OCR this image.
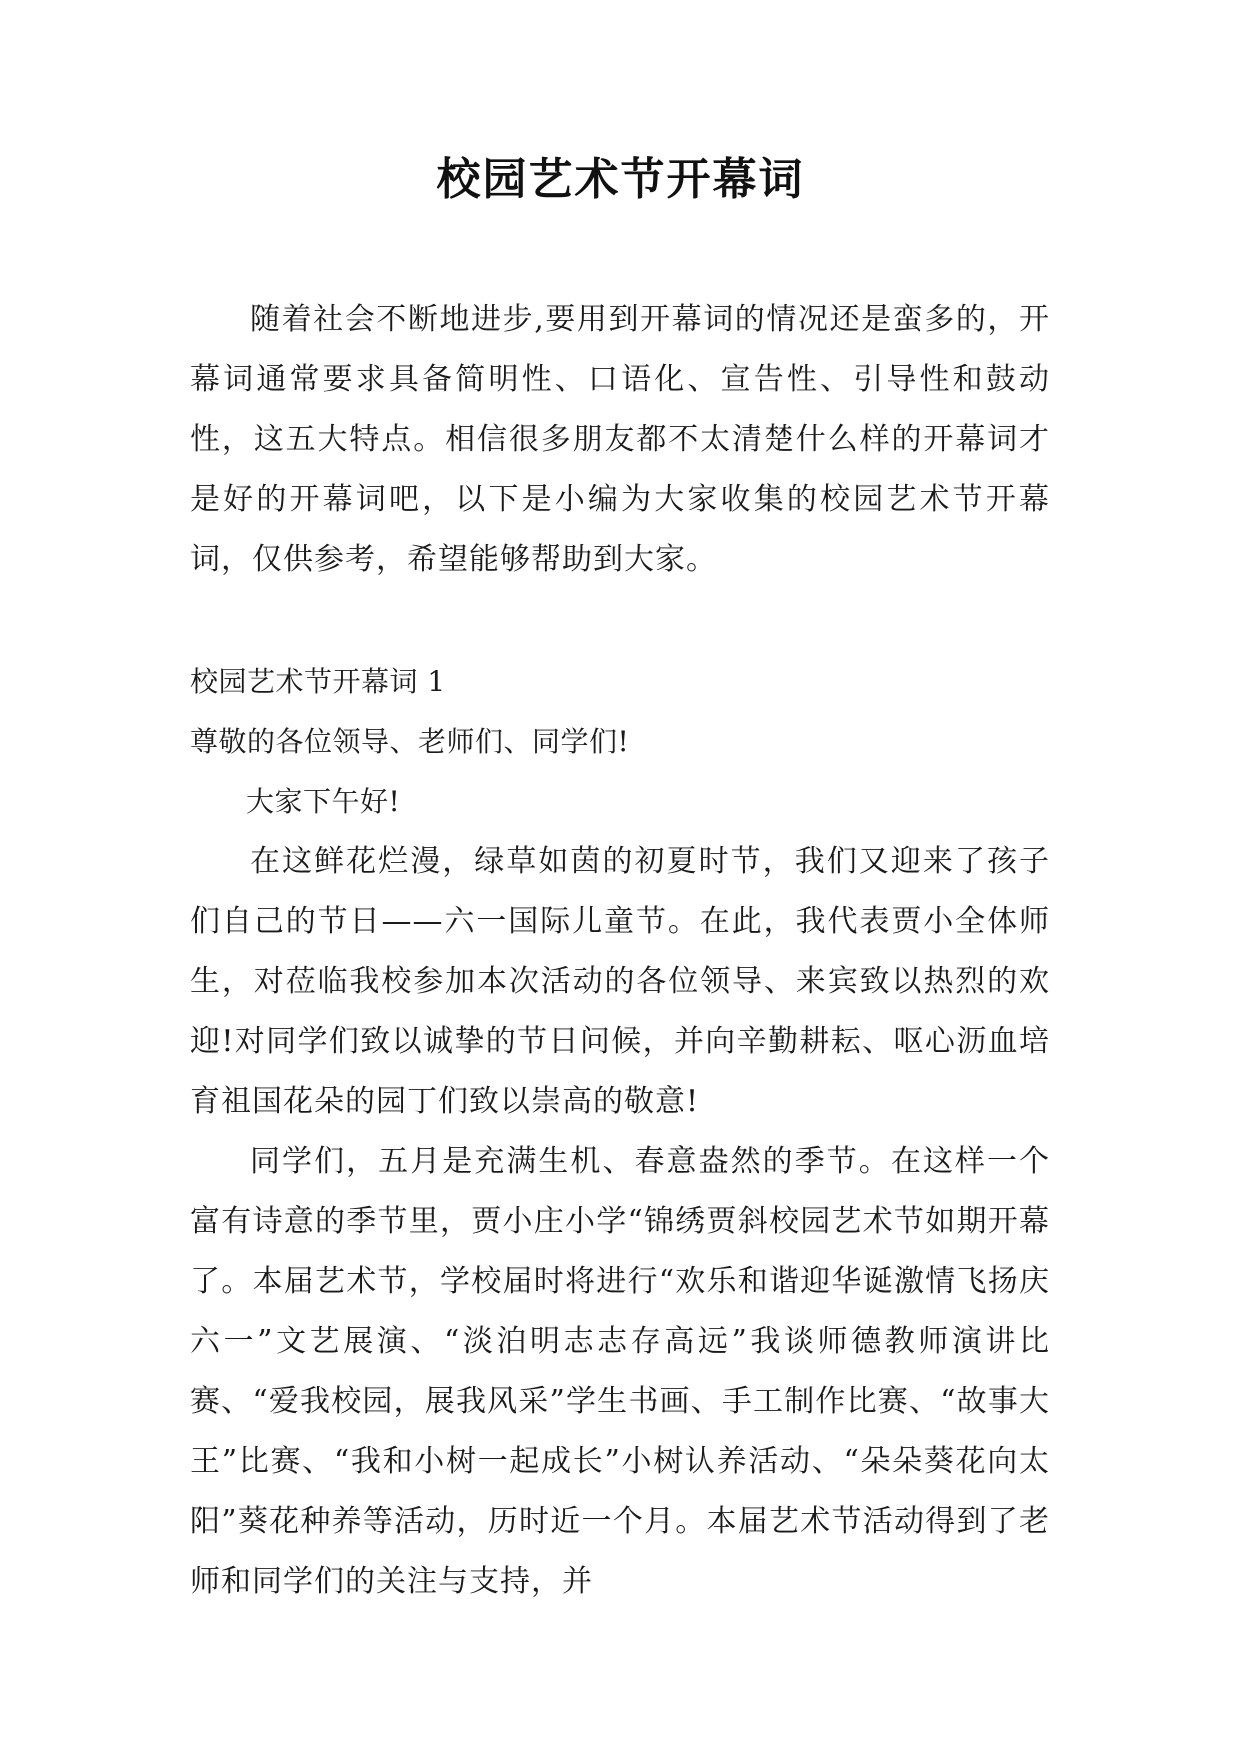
校园艺术节开幕词

随着社会不断地进步,要用到开幕词的情况还是蛮多的，开幕词通常要求具备简明性、口语化、宣告性、引导性和鼓动性，这五大特点。相信很多朋友都不太清楚什么样的开幕词才是好的开幕词吧，以下是小编为大家收集的校园艺术节开幕词，仅供参考，希望能够帮助到大家。

校园艺术节开幕词 1

尊敬的各位领导、老师们、同学们!

大家下午好!

在这鲜花烂漫，绿草如茵的初夏时节，我们又迎来了孩子们自己的节日——六一国际儿童节。在此，我代表贾小全体师生，对莅临我校参加本次活动的各位领导、来宾致以热烈的欢迎!对同学们致以诚挚的节日问候，并向辛勤耕耘、呕心沥血培育祖国花朵的园丁们致以崇高的敬意!

同学们，五月是充满生机、春意盎然的季节。在这样一个富有诗意的季节里，贾小庄小学“锦绣贾斜校园艺术节如期开幕了。本届艺术节，学校届时将进行“欢乐和谐迎华诞激情飞扬庆六一”文艺展演、“淡泊明志志存高远”我谈师德教师演讲比赛、“爱我校园，展我风采”学生书画、手工制作比赛、“故事大王”比赛、“我和小树一起成长”小树认养活动、“朵朵葵花向太阳”葵花种养等活动，历时近一个月。本届艺术节活动得到了老师和同学们的关注与支持，并
